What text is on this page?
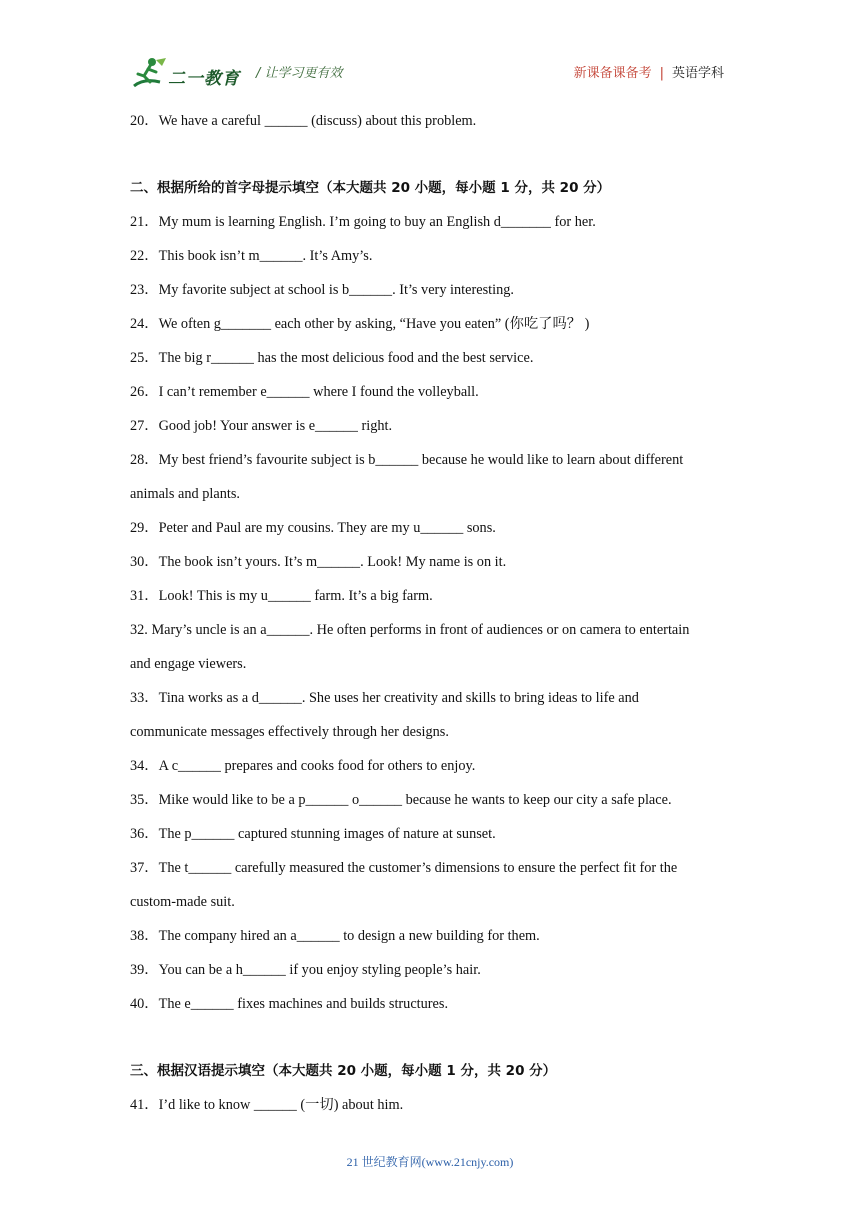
二一教育 / 让学习更有效	新课备课备考 | 英语学科
20．We have a careful ______ (discuss) about this problem.
二、根据所给的首字母提示填空（本大题共 20 小题，每小题 1 分，共 20 分）
21．My mum is learning English. I’m going to buy an English d_______ for her.
22．This book isn’t m______. It’s Amy’s.
23．My favorite subject at school is b______. It’s very interesting.
24．We often g_______ each other by asking, “Have you eaten” (你吃了吗？ )
25．The big r______ has the most delicious food and the best service.
26．I can’t remember e______ where I found the volleyball.
27．Good job! Your answer is e______ right.
28．My best friend’s favourite subject is b______ because he would like to learn about different
animals and plants.
29．Peter and Paul are my cousins. They are my u______ sons.
30．The book isn’t yours. It’s m______. Look! My name is on it.
31．Look! This is my u______ farm. It’s a big farm.
32. Mary’s uncle is an a______. He often performs in front of audiences or on camera to entertain
and engage viewers.
33．Tina works as a d______. She uses her creativity and skills to bring ideas to life and
communicate messages effectively through her designs.
34．A c______ prepares and cooks food for others to enjoy.
35．Mike would like to be a p______ o______ because he wants to keep our city a safe place.
36．The p______ captured stunning images of nature at sunset.
37．The t______ carefully measured the customer’s dimensions to ensure the perfect fit for the
custom-made suit.
38．The company hired an a______ to design a new building for them.
39．You can be a h______ if you enjoy styling people’s hair.
40．The e______ fixes machines and builds structures.
三、根据汉语提示填空（本大题共 20 小题，每小题 1 分，共 20 分）
41．I’d like to know ______ (一切) about him.
21 世纪教育网(www.21cnjy.com)
